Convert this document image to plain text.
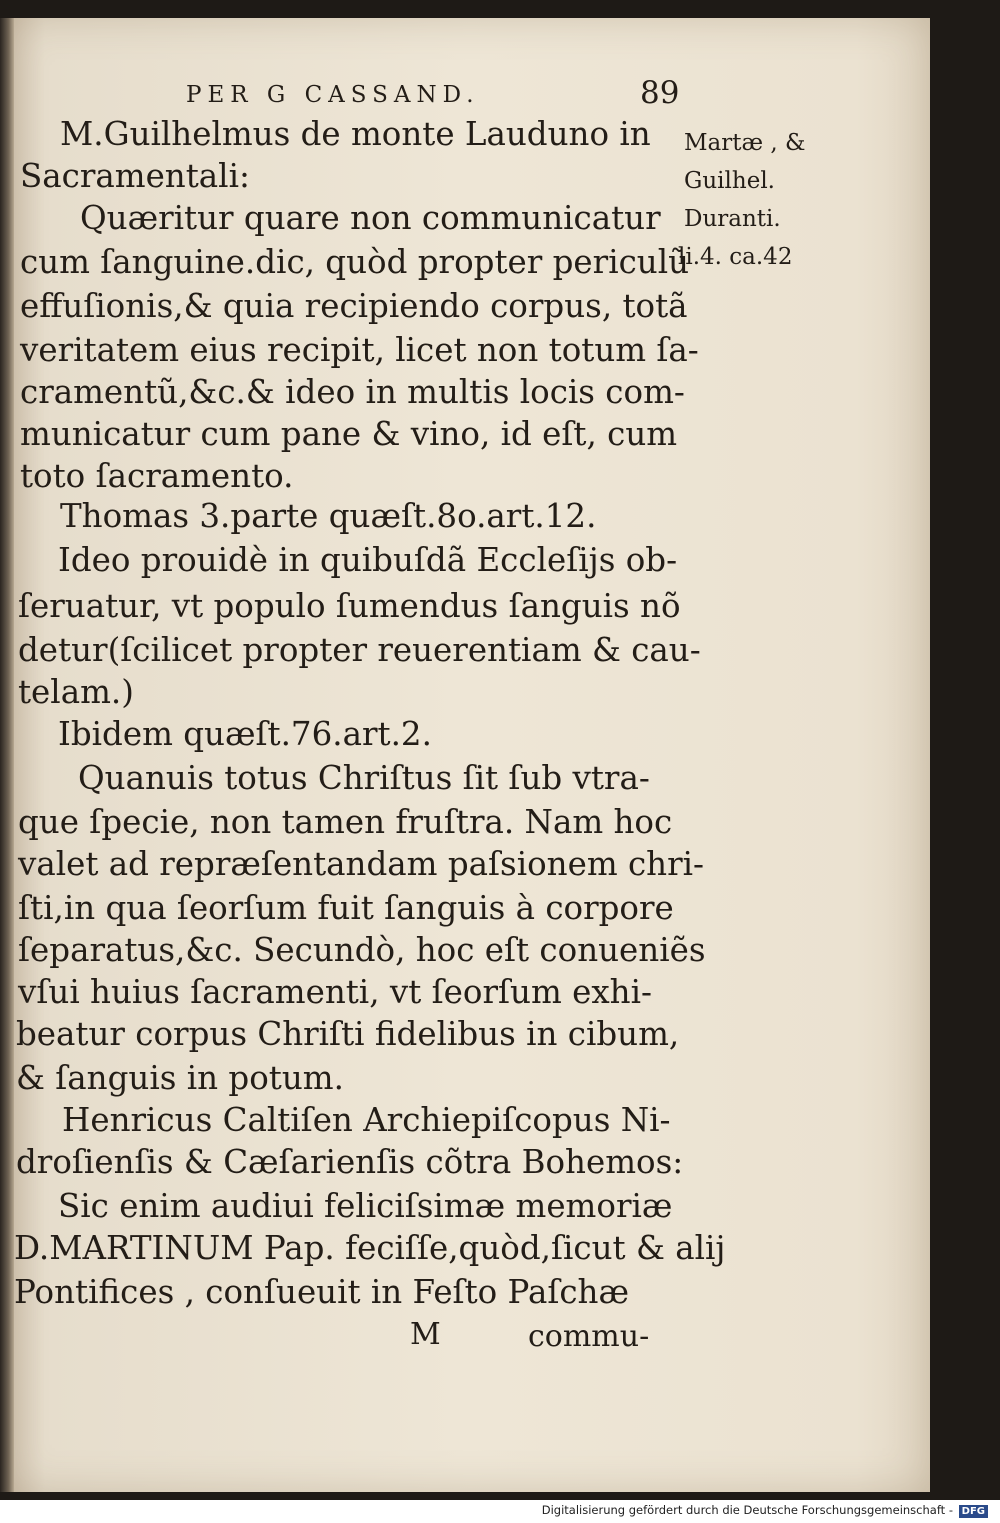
PER G CASSAND.	89
M.Guilhelmus de monte Lauduno in
Sacramentali:
Quæritur quare non communicatur
cum ſanguine.dic, quòd propter periculũ
effuſionis,& quia recipiendo corpus, totã
veritatem eius recipit, licet non totum ſa-
cramentũ,&c.& ideo in multis locis com-
municatur cum pane & vino, id eſt, cum
toto ſacramento.
Thomas 3.parte quæſt.8o.art.12.
Ideo prouidè in quibuſdã Eccleſijs ob-
ſeruatur, vt populo ſumendus ſanguis nõ
detur(ſcilicet propter reuerentiam & cau-
telam.)
Ibidem quæſt.76.art.2.
Quanuis totus Chriſtus ſit ſub vtra-
que ſpecie, non tamen fruſtra. Nam hoc
valet ad repræſentandam paſsionem chri-
ſti,in qua ſeorſum fuit ſanguis à corpore
ſeparatus,&c. Secundò, hoc eſt conueniẽs
vſui huius ſacramenti, vt ſeorſum exhi-
beatur corpus Chriſti fidelibus in cibum,
& ſanguis in potum.
Henricus Caltiſen Archiepiſcopus Ni-
droſienſis & Cæſarienſis cõtra Bohemos:
Sic enim audiui feliciſsimæ memoriæ
D.MARTINUM Pap. feciſſe,quòd,ſicut & alij
Pontifices , conſueuit in Feſto Paſchæ
Martæ , &
Guilhel.
Duranti.
li.4. ca.42
M	commu-
Digitalisierung gefördert durch die Deutsche Forschungsgemeinschaft - DFG
